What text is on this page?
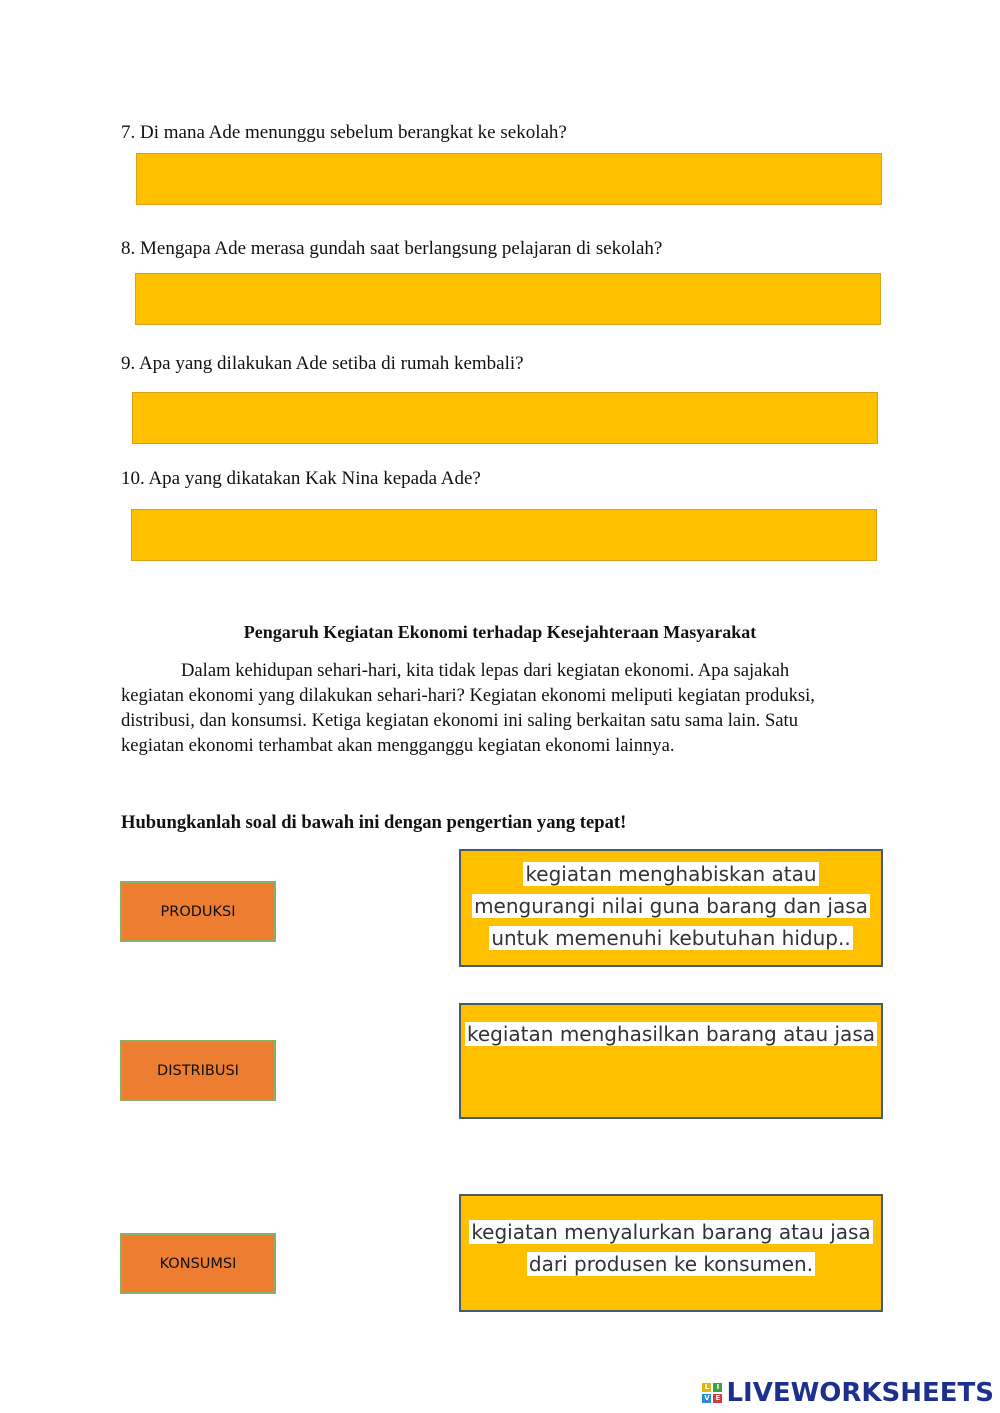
7. Di mana Ade menunggu sebelum berangkat ke sekolah?
8. Mengapa Ade merasa gundah saat berlangsung pelajaran di sekolah?
9. Apa yang dilakukan Ade setiba di rumah kembali?
10. Apa yang dikatakan Kak Nina kepada Ade?
Pengaruh Kegiatan Ekonomi terhadap Kesejahteraan Masyarakat
Dalam kehidupan sehari-hari, kita tidak lepas dari kegiatan ekonomi. Apa sajakah
kegiatan ekonomi yang dilakukan sehari-hari? Kegiatan ekonomi meliputi kegiatan produksi,
distribusi, dan konsumsi. Ketiga kegiatan ekonomi ini saling berkaitan satu sama lain. Satu
kegiatan ekonomi terhambat akan mengganggu kegiatan ekonomi lainnya.
Hubungkanlah soal di bawah ini dengan pengertian yang tepat!
PRODUKSI
DISTRIBUSI
KONSUMSI
kegiatan menghabiskan atau
mengurangi nilai guna barang dan jasa
untuk memenuhi kebutuhan hidup..
kegiatan menghasilkan barang atau jasa
kegiatan menyalurkan barang atau jasa
dari produsen ke konsumen.
L	I
V E LIVEWORKSHEETS
